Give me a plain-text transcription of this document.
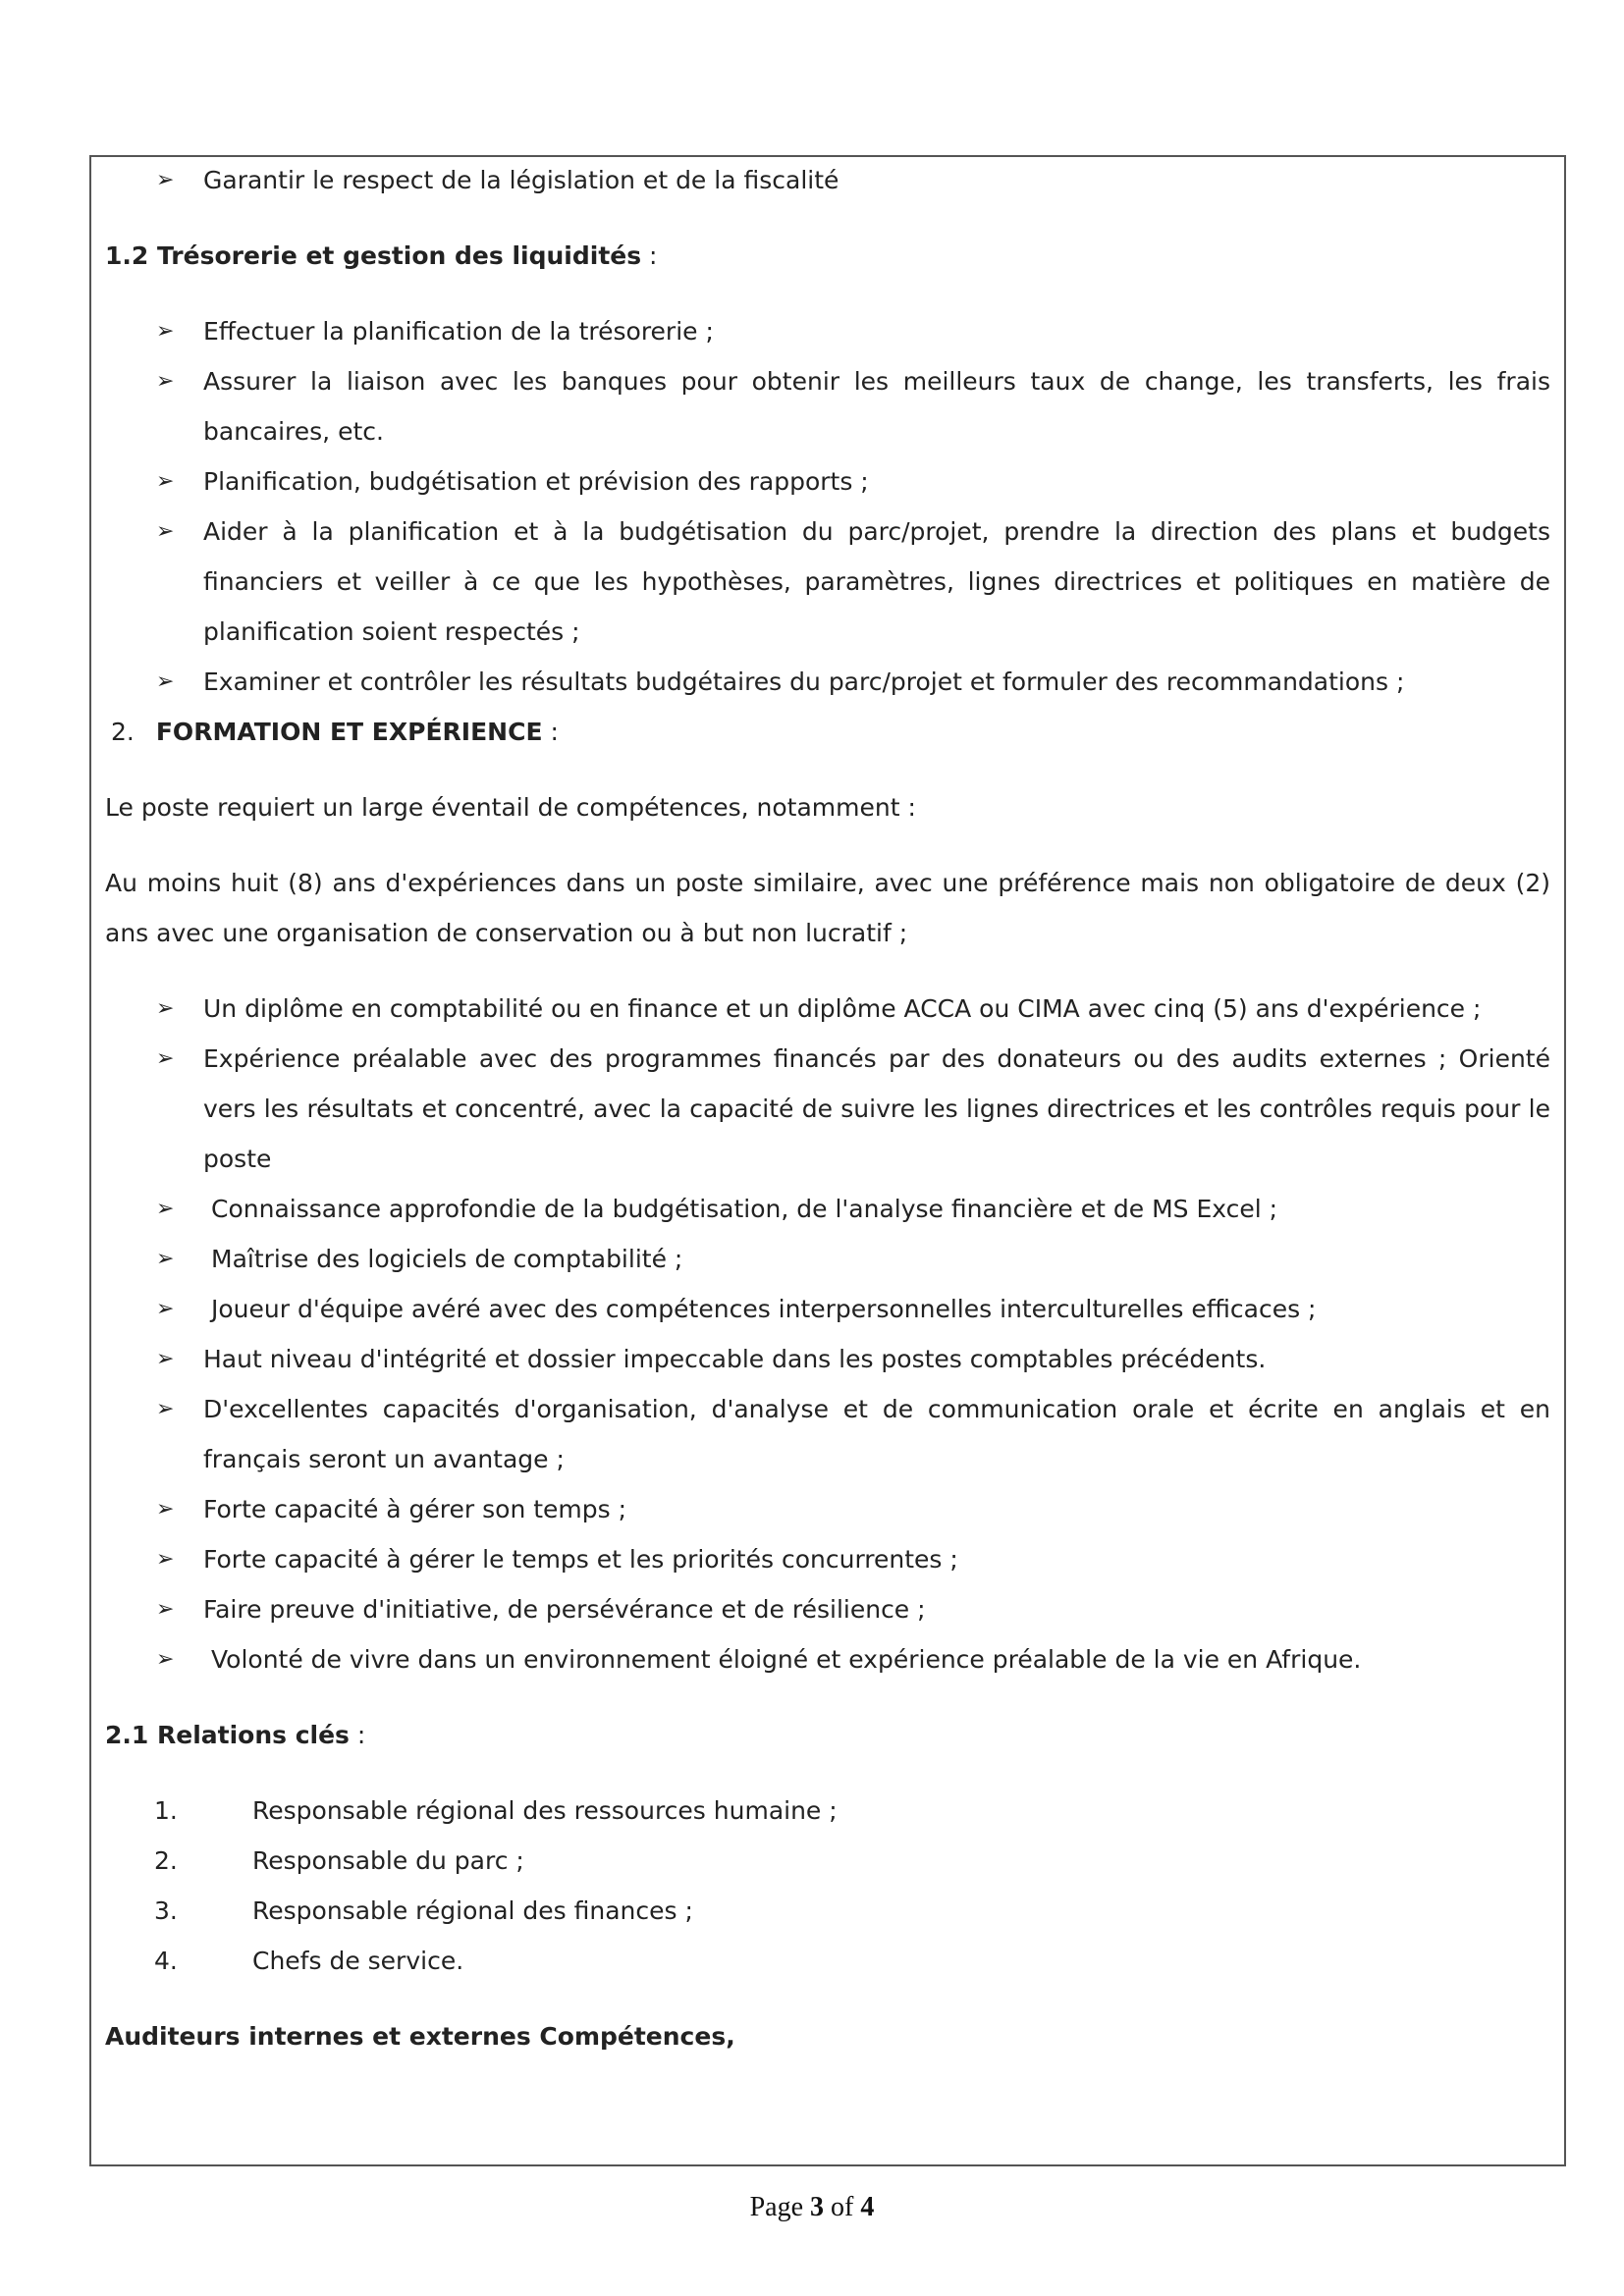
➢ Garantir le respect de la législation et de la fiscalité

1.2 Trésorerie et gestion des liquidités :

➢ Effectuer la planification de la trésorerie ;
➢ Assurer la liaison avec les banques pour obtenir les meilleurs taux de change, les transferts, les frais bancaires, etc.
➢ Planification, budgétisation et prévision des rapports ;
➢ Aider à la planification et à la budgétisation du parc/projet, prendre la direction des plans et budgets financiers et veiller à ce que les hypothèses, paramètres, lignes directrices et politiques en matière de planification soient respectés ;
➢ Examiner et contrôler les résultats budgétaires du parc/projet et formuler des recommandations ;

2. FORMATION ET EXPÉRIENCE :

Le poste requiert un large éventail de compétences, notamment :

Au moins huit (8) ans d'expériences dans un poste similaire, avec une préférence mais non obligatoire de deux (2) ans avec une organisation de conservation ou à but non lucratif ;

➢ Un diplôme en comptabilité ou en finance et un diplôme ACCA ou CIMA avec cinq (5) ans d'expérience ;
➢ Expérience préalable avec des programmes financés par des donateurs ou des audits externes ; Orienté vers les résultats et concentré, avec la capacité de suivre les lignes directrices et les contrôles requis pour le poste
➢ Connaissance approfondie de la budgétisation, de l'analyse financière et de MS Excel ;
➢ Maîtrise des logiciels de comptabilité ;
➢ Joueur d'équipe avéré avec des compétences interpersonnelles interculturelles efficaces ;
➢ Haut niveau d'intégrité et dossier impeccable dans les postes comptables précédents.
➢ D'excellentes capacités d'organisation, d'analyse et de communication orale et écrite en anglais et en français seront un avantage ;
➢ Forte capacité à gérer son temps ;
➢ Forte capacité à gérer le temps et les priorités concurrentes ;
➢ Faire preuve d'initiative, de persévérance et de résilience ;
➢ Volonté de vivre dans un environnement éloigné et expérience préalable de la vie en Afrique.

2.1 Relations clés :

1.	Responsable régional des ressources humaine ;
2.	Responsable du parc ;
3.	Responsable régional des finances ;
4.	Chefs de service.

Auditeurs internes et externes Compétences,

Page 3 of 4
